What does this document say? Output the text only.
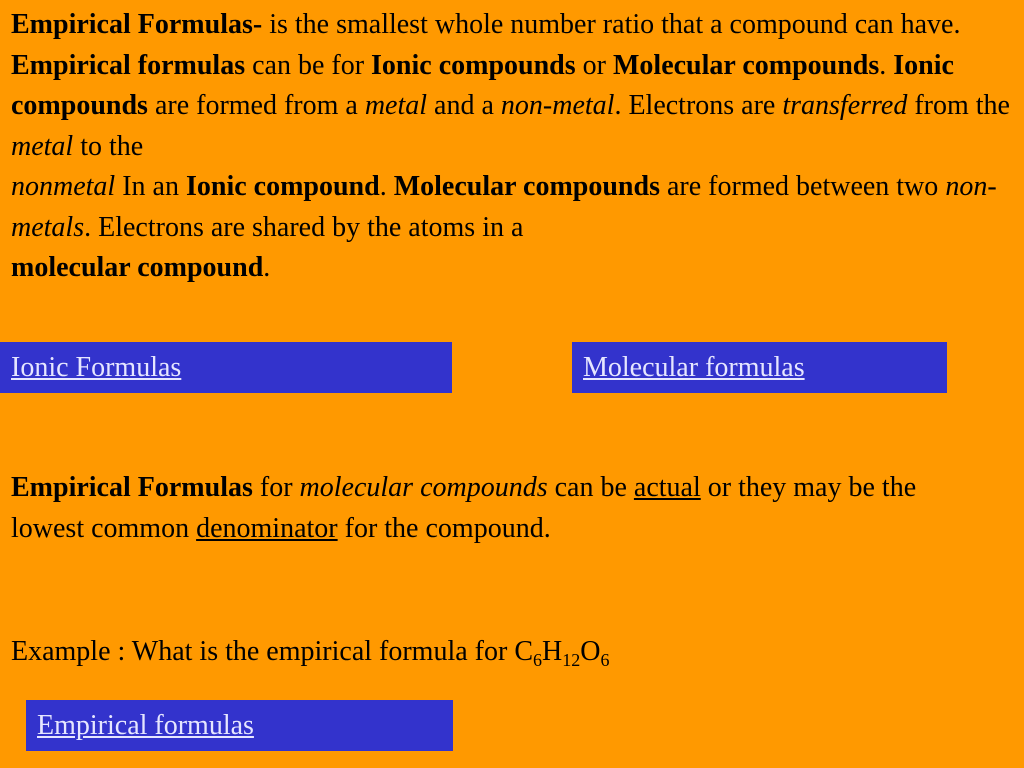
Empirical Formulas- is the smallest whole number ratio that a compound can have. Empirical formulas can be for Ionic compounds or Molecular compounds. Ionic compounds are formed from a metal and a non-metal. Electrons are transferred from the metal to the
nonmetal In an Ionic compound. Molecular compounds are formed between two non-metals. Electrons are shared by the atoms in a
molecular compound.

Ionic Formulas	Molecular formulas

Empirical Formulas for molecular compounds can be actual or they may be the lowest common denominator for the compound.

Example : What is the empirical formula for $C_6H_{12}O_6$

Empirical formulas
